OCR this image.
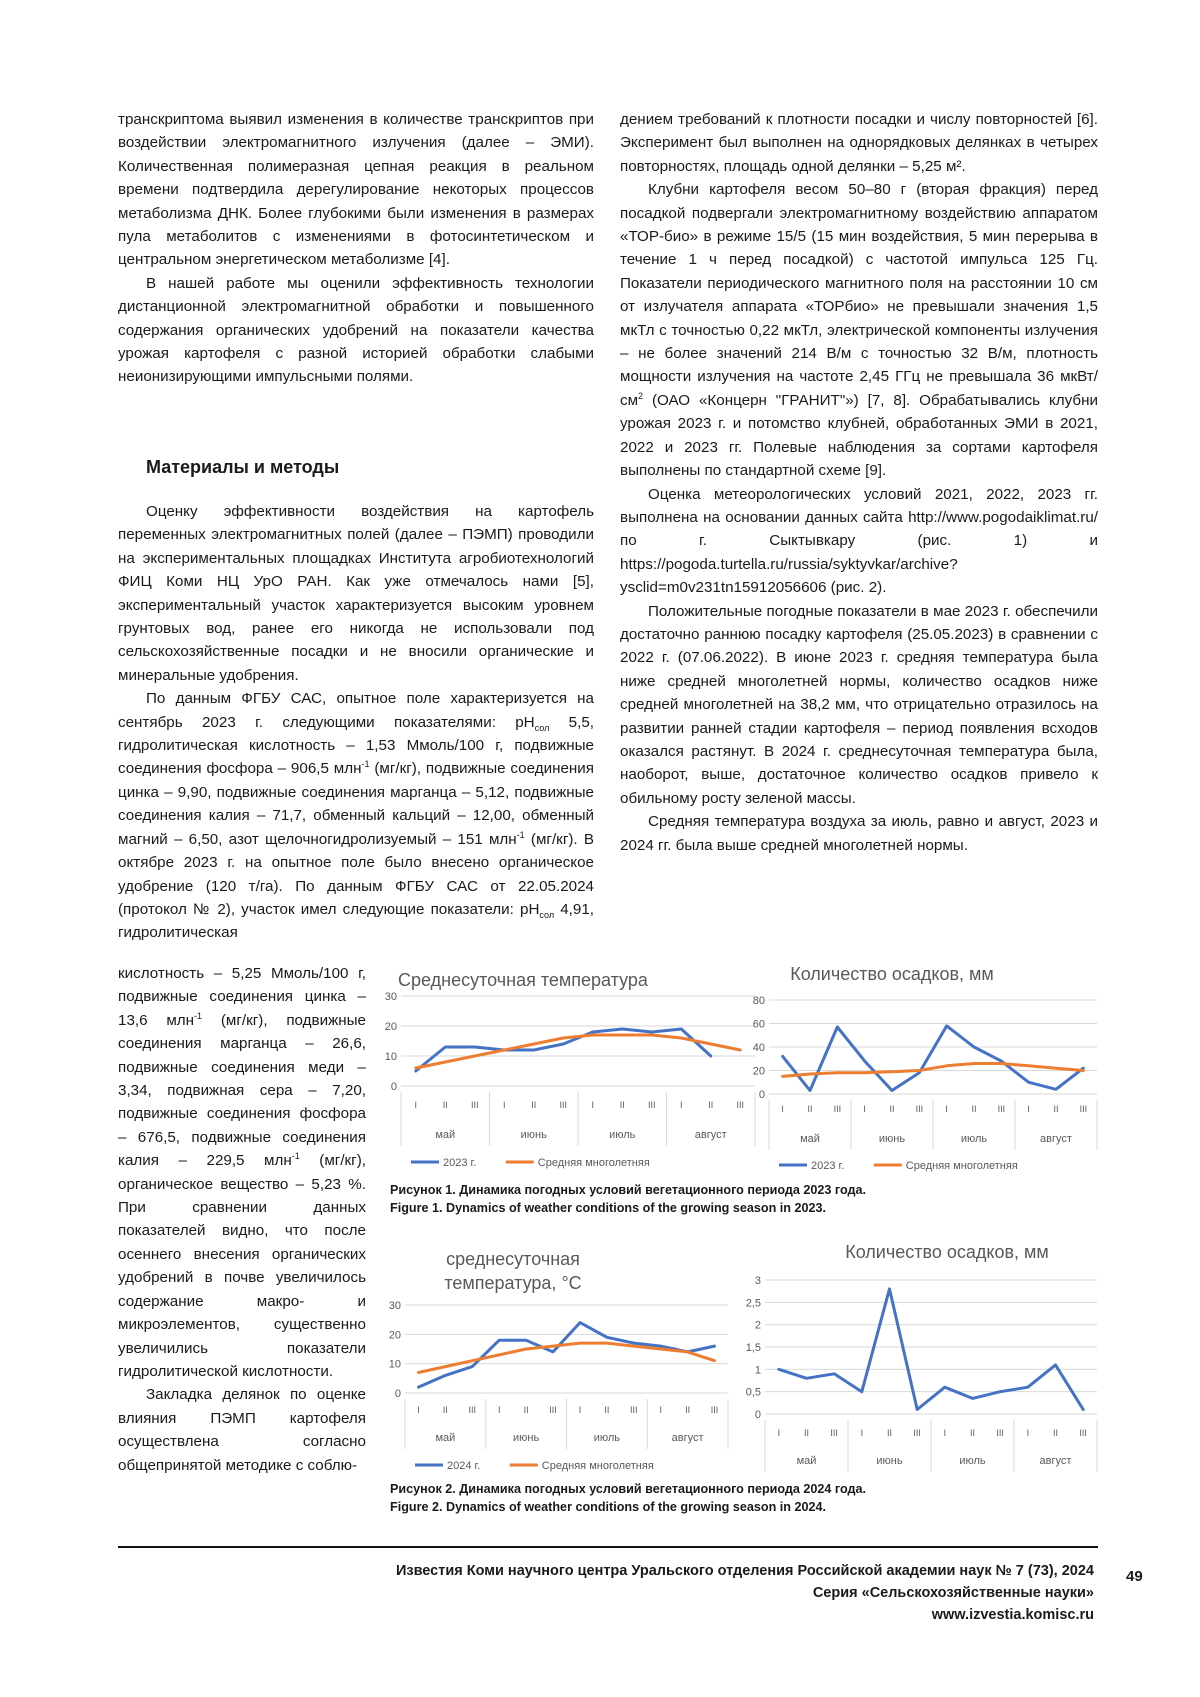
транскриптома выявил изменения в количестве транскриптов при воздействии электромагнитного излучения (далее – ЭМИ). Количественная полимеразная цепная реакция в реальном времени подтвердила дерегулирование некоторых процессов метаболизма ДНК. Более глубокими были изменения в размерах пула метаболитов с изменениями в фотосинтетическом и центральном энергетическом метаболизме [4].

В нашей работе мы оценили эффективность технологии дистанционной электромагнитной обработки и повышенного содержания органических удобрений на показатели качества урожая картофеля с разной историей обработки слабыми неионизирующими импульсными полями.

Материалы и методы

Оценку эффективности воздействия на картофель переменных электромагнитных полей (далее – ПЭМП) проводили на экспериментальных площадках Института агробиотехнологий ФИЦ Коми НЦ УрО РАН. Как уже отмечалось нами [5], экспериментальный участок характеризуется высоким уровнем грунтовых вод, ранее его никогда не использовали под сельскохозяйственные посадки и не вносили органические и минеральные удобрения.

По данным ФГБУ САС, опытное поле характеризуется на сентябрь 2023 г. следующими показателями: $pH_{сол}$ 5,5, гидролитическая кислотность – 1,53 Ммоль/100 г, подвижные соединения фосфора – 906,5 млн$^{-1}$ (мг/кг), подвижные соединения цинка – 9,90, подвижные соединения марганца – 5,12, подвижные соединения калия – 71,7, обменный кальций – 12,00, обменный магний – 6,50, азот щелочногидролизуемый – 151 млн$^{-1}$ (мг/кг). В октябре 2023 г. на опытное поле было внесено органическое удобрение (120 т/га). По данным ФГБУ САС от 22.05.2024 (протокол № 2), участок имел следующие показатели: $pH_{сол}$ 4,91, гидролитическая

кислотность – 5,25 Ммоль/100 г, подвижные соединения цинка – 13,6 млн$^{-1}$ (мг/кг), подвижные соединения марганца – 26,6, подвижные соединения меди – 3,34, подвижная сера – 7,20, подвижные соединения фосфора – 676,5, подвижные соединения калия – 229,5 млн$^{-1}$ (мг/кг), органическое вещество – 5,23 %. При сравнении данных показателей видно, что после осеннего внесения органических удобрений в почве увеличилось содержание макро- и микроэлементов, существенно увеличились показатели гидролитической кислотности.

Закладка делянок по оценке влияния ПЭМП картофеля осуществлена согласно общепринятой методике с соблю-

дением требований к плотности посадки и числу повторностей [6]. Эксперимент был выполнен на однорядковых делянках в четырех повторностях, площадь одной делянки – 5,25 м².

Клубни картофеля весом 50–80 г (вторая фракция) перед посадкой подвергали электромагнитному воздействию аппаратом «ТОР-био» в режиме 15/5 (15 мин воздействия, 5 мин перерыва в течение 1 ч перед посадкой) с частотой импульса 125 Гц. Показатели периодического магнитного поля на расстоянии 10 см от излучателя аппарата «ТОРбио» не превышали значения 1,5 мкТл с точностью 0,22 мкТл, электрической компоненты излучения – не более значений 214 В/м с точностью 32 В/м, плотность мощности излучения на частоте 2,45 ГГц не превышала 36 мкВт/$см^2$ (ОАО «Концерн "ГРАНИТ"») [7, 8]. Обрабатывались клубни урожая 2023 г. и потомство клубней, обработанных ЭМИ в 2021, 2022 и 2023 гг. Полевые наблюдения за сортами картофеля выполнены по стандартной схеме [9].

Оценка метеорологических условий 2021, 2022, 2023 гг. выполнена на основании данных сайта http://www.pogodaiklimat.ru/ по г. Сыктывкару (рис. 1) и https://pogoda.turtella.ru/russia/syktyvkar/archive?ysclid=m0v231tn15912056606 (рис. 2).

Положительные погодные показатели в мае 2023 г. обеспечили достаточно раннюю посадку картофеля (25.05.2023) в сравнении с 2022 г. (07.06.2022). В июне 2023 г. средняя температура была ниже средней многолетней нормы, количество осадков ниже средней многолетней на 38,2 мм, что отрицательно отразилось на развитии ранней стадии картофеля – период появления всходов оказался растянут. В 2024 г. среднесуточная температура была, наоборот, выше, достаточное количество осадков привело к обильному росту зеленой массы.

Средняя температура воздуха за июль, равно и август, 2023 и 2024 гг. была выше средней многолетней нормы.

Среднесуточная температура
0
10
20
30
I	II	III	I	II	III	I	II	III	I	II	III
май	июнь	июль	август
2023 г.	Средняя многолетняя
Количество осадков, мм
0
20
40
60
80
I	II III I	II III I	II III I	II III
май	июнь	июль	август
2023 г.	Средняя многолетняя
Рисунок 1. Динамика погодных условий вегетационного периода 2023 года.
Figure 1. Dynamics of weather conditions of the growing season in 2023.
среднесуточная температура, °С
0
10
20
30
I	II III I	II III I	II III I	II III
май	июнь	июль	август
2024 г.	Средняя многолетняя
Количество осадков, мм
0
0,5
1
1,5
2
2,5
3
I	II III	I	II III	I	II III	I	II III
май	июнь	июль	август
Рисунок 2. Динамика погодных условий вегетационного периода 2024 года.
Figure 2. Dynamics of weather conditions of the growing season in 2024.
Известия Коми научного центра Уральского отделения Российской академии наук № 7 (73), 2024
Серия «Сельскохозяйственные науки»
www.izvestia.komisc.ru
49
